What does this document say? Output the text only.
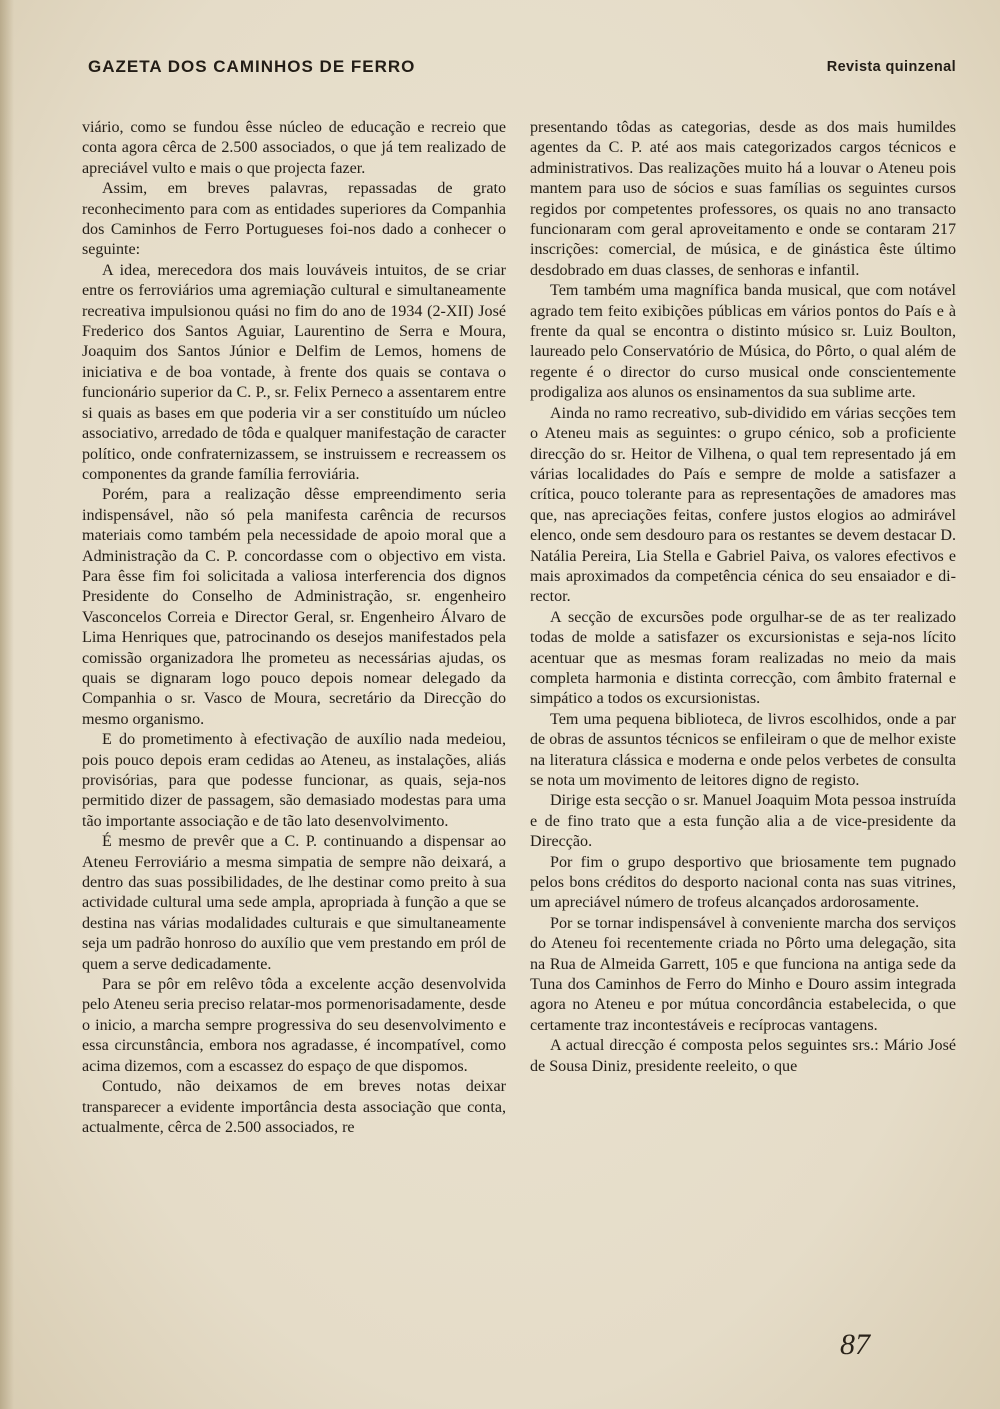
GAZETA DOS CAMINHOS DE FERRO	Revista quinzenal

viário, como se fundou êsse núcleo de educação e recreio que conta agora cêrca de 2.500 associados, o que já tem realizado de apreciável vulto e mais o que projecta fazer.

Assim, em breves palavras, repassadas de grato reconhecimento para com as entidades superiores da Companhia dos Caminhos de Ferro Portugueses foi-nos dado a conhecer o seguinte:

A idea, merecedora dos mais louváveis intuitos, de se criar entre os ferroviários uma agremiação cultural e simultaneamente recreativa impulsionou quási no fim do ano de 1934 (2-XII) José Frederico dos Santos Aguiar, Laurentino de Serra e Moura, Joaquim dos Santos Júnior e Delfim de Lemos, homens de iniciativa e de boa vontade, à frente dos quais se contava o funcionário superior da C. P., sr. Felix Perneco a assentarem entre si quais as bases em que poderia vir a ser constituído um núcleo associativo, arredado de tôda e qualquer manifestação de caracter político, onde confraternizassem, se instruissem e recreassem os componentes da grande família ferroviária.

Porém, para a realização dêsse empreendimento seria indispensável, não só pela manifesta carência de recursos materiais como também pela necessidade de apoio moral que a Administração da C. P. concordasse com o objectivo em vista. Para êsse fim foi solicitada a valiosa interferencia dos dignos Presidente do Conselho de Administração, sr. engenheiro Vasconcelos Correia e Director Geral, sr. Engenheiro Álvaro de Lima Henriques que, patrocinando os desejos manifestados pela comissão organizadora lhe prometeu as necessárias ajudas, os quais se dignaram logo pouco depois nomear delegado da Companhia o sr. Vasco de Moura, secretário da Direcção do mesmo organismo.

E do prometimento à efectivação de auxílio nada medeiou, pois pouco depois eram cedidas ao Ateneu, as instalações, aliás provisórias, para que podesse funcionar, as quais, seja-nos permitido dizer de passagem, são demasiado modestas para uma tão importante associação e de tão lato desenvolvimento.

É mesmo de prevêr que a C. P. continuando a dispensar ao Ateneu Ferroviário a mesma simpatia de sempre não deixará, a dentro das suas possibilidades, de lhe destinar como preito à sua actividade cultural uma sede ampla, apropriada à função a que se destina nas várias modalidades culturais e que simultaneamente seja um padrão honroso do auxílio que vem prestando em pról de quem a serve dedicadamente.

Para se pôr em relêvo tôda a excelente acção desenvolvida pelo Ateneu seria preciso relatar-mos pormenorisadamente, desde o inicio, a marcha sempre progressiva do seu desenvolvimento e essa circunstância, embora nos agradasse, é incompatível, como acima dizemos, com a escassez do espaço de que dispomos.

Contudo, não deixamos de em breves notas deixar transparecer a evidente importância desta associação que conta, actualmente, cêrca de 2.500 associados, re

presentando tôdas as categorias, desde as dos mais humildes agentes da C. P. até aos mais categorizados cargos técnicos e administrativos. Das realizações muito há a louvar o Ateneu pois mantem para uso de sócios e suas famílias os seguintes cursos regidos por competentes professores, os quais no ano transacto funcionaram com geral aproveitamento e onde se contaram 217 inscrições: comercial, de música, e de ginástica êste último desdobrado em duas classes, de senhoras e infantil.

Tem também uma magnífica banda musical, que com notável agrado tem feito exibições públicas em vários pontos do País e à frente da qual se encontra o distinto músico sr. Luiz Boulton, laureado pelo Conservatório de Música, do Pôrto, o qual além de regente é o director do curso musical onde conscientemente prodigaliza aos alunos os ensinamentos da sua sublime arte.

Ainda no ramo recreativo, sub-dividido em várias secções tem o Ateneu mais as seguintes: o grupo cénico, sob a proficiente direcção do sr. Heitor de Vilhena, o qual tem representado já em várias localidades do País e sempre de molde a satisfazer a crítica, pouco tolerante para as representações de amadores mas que, nas apreciações feitas, confere justos elogios ao admirável elenco, onde sem desdouro para os restantes se devem destacar D. Natália Pereira, Lia Stella e Gabriel Paiva, os valores efectivos e mais aproximados da competência cénica do seu ensaiador e director.

A secção de excursões pode orgulhar-se de as ter realizado todas de molde a satisfazer os excursionistas e seja-nos lícito acentuar que as mesmas foram realizadas no meio da mais completa harmonia e distinta correcção, com âmbito fraternal e simpático a todos os excursionistas.

Tem uma pequena biblioteca, de livros escolhidos, onde a par de obras de assuntos técnicos se enfileiram o que de melhor existe na literatura clássica e moderna e onde pelos verbetes de consulta se nota um movimento de leitores digno de registo.

Dirige esta secção o sr. Manuel Joaquim Mota pessoa instruída e de fino trato que a esta função alia a de vice-presidente da Direcção.

Por fim o grupo desportivo que briosamente tem pugnado pelos bons créditos do desporto nacional conta nas suas vitrines, um apreciável número de trofeus alcançados ardorosamente.

Por se tornar indispensável à conveniente marcha dos serviços do Ateneu foi recentemente criada no Pôrto uma delegação, sita na Rua de Almeida Garrett, 105 e que funciona na antiga sede da Tuna dos Caminhos de Ferro do Minho e Douro assim integrada agora no Ateneu e por mútua concordância estabelecida, o que certamente traz incontestáveis e recíprocas vantagens.

A actual direcção é composta pelos seguintes srs.: Mário José de Sousa Diniz, presidente reeleito, o que

87
